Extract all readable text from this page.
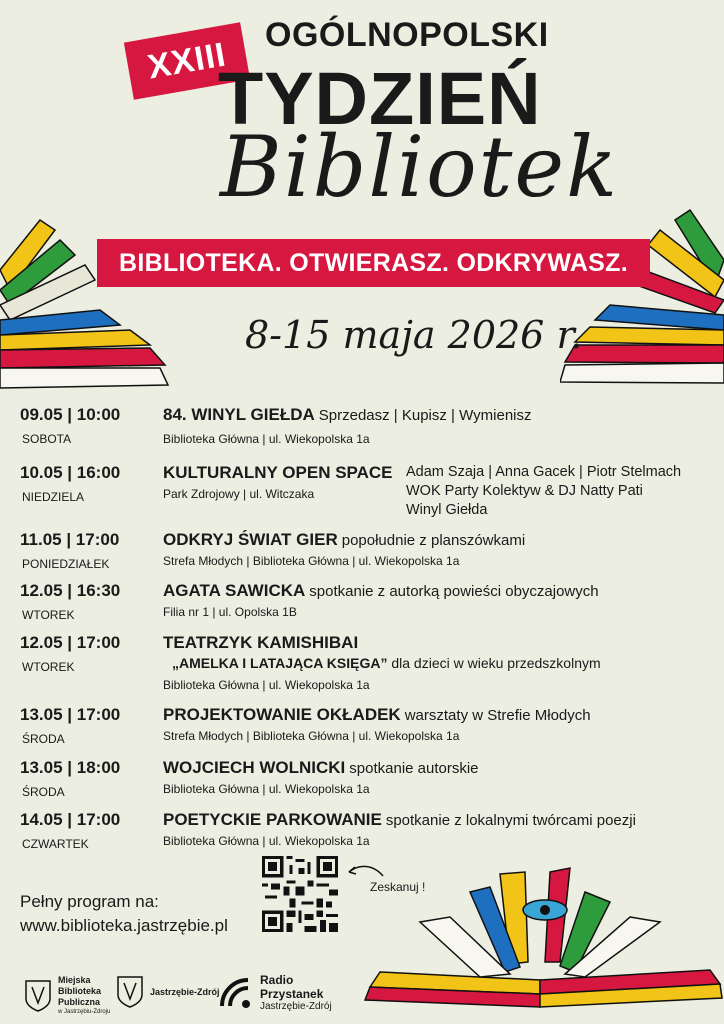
XXIII OGÓLNOPOLSKI
TYDZIEŃ
Bibliotek
BIBLIOTEKA. OTWIERASZ. ODKRYWASZ.
8-15 maja 2026 r.
09.05 | 10:00
SOBOTA
84. WINYL GIEŁDA Sprzedasz | Kupisz | Wymienisz
Biblioteka Główna | ul. Wiekopolska 1a
10.05 | 16:00
NIEDZIELA
KULTURALNY OPEN SPACE
Park Zdrojowy | ul. Witczaka
Adam Szaja | Anna Gacek | Piotr Stelmach
WOK Party Kolektyw & DJ Natty Pati
Winyl Giełda
11.05 | 17:00
PONIEDZIAŁEK
ODKRYJ ŚWIAT GIER popołudnie z planszówkami
Strefa Młodych | Biblioteka Główna | ul. Wiekopolska 1a
12.05 | 16:30
WTOREK
AGATA SAWICKA spotkanie z autorką powieści obyczajowych
Filia nr 1 | ul. Opolska 1B
12.05 | 17:00
WTOREK
TEATRZYK KAMISHIBAI
„AMELKA I LATAJĄCA KSIĘGA” dla dzieci w wieku przedszkolnym
Biblioteka Główna | ul. Wiekopolska 1a
13.05 | 17:00
ŚRODA
PROJEKTOWANIE OKŁADEK warsztaty w Strefie Młodych
Strefa Młodych | Biblioteka Główna | ul. Wiekopolska 1a
13.05 | 18:00
ŚRODA
WOJCIECH WOLNICKI spotkanie autorskie
Biblioteka Główna | ul. Wiekopolska 1a
14.05 | 17:00
CZWARTEK
POETYCKIE PARKOWANIE spotkanie z lokalnymi twórcami poezji
Biblioteka Główna | ul. Wiekopolska 1a
Pełny program na:
www.biblioteka.jastrzębie.pl
Zeskanuj !
Miejska
Biblioteka
Publiczna
w Jastrzębiu-Zdroju
Jastrzębie-Zdrój
Radio
Przystanek
Jastrzębie-Zdrój
